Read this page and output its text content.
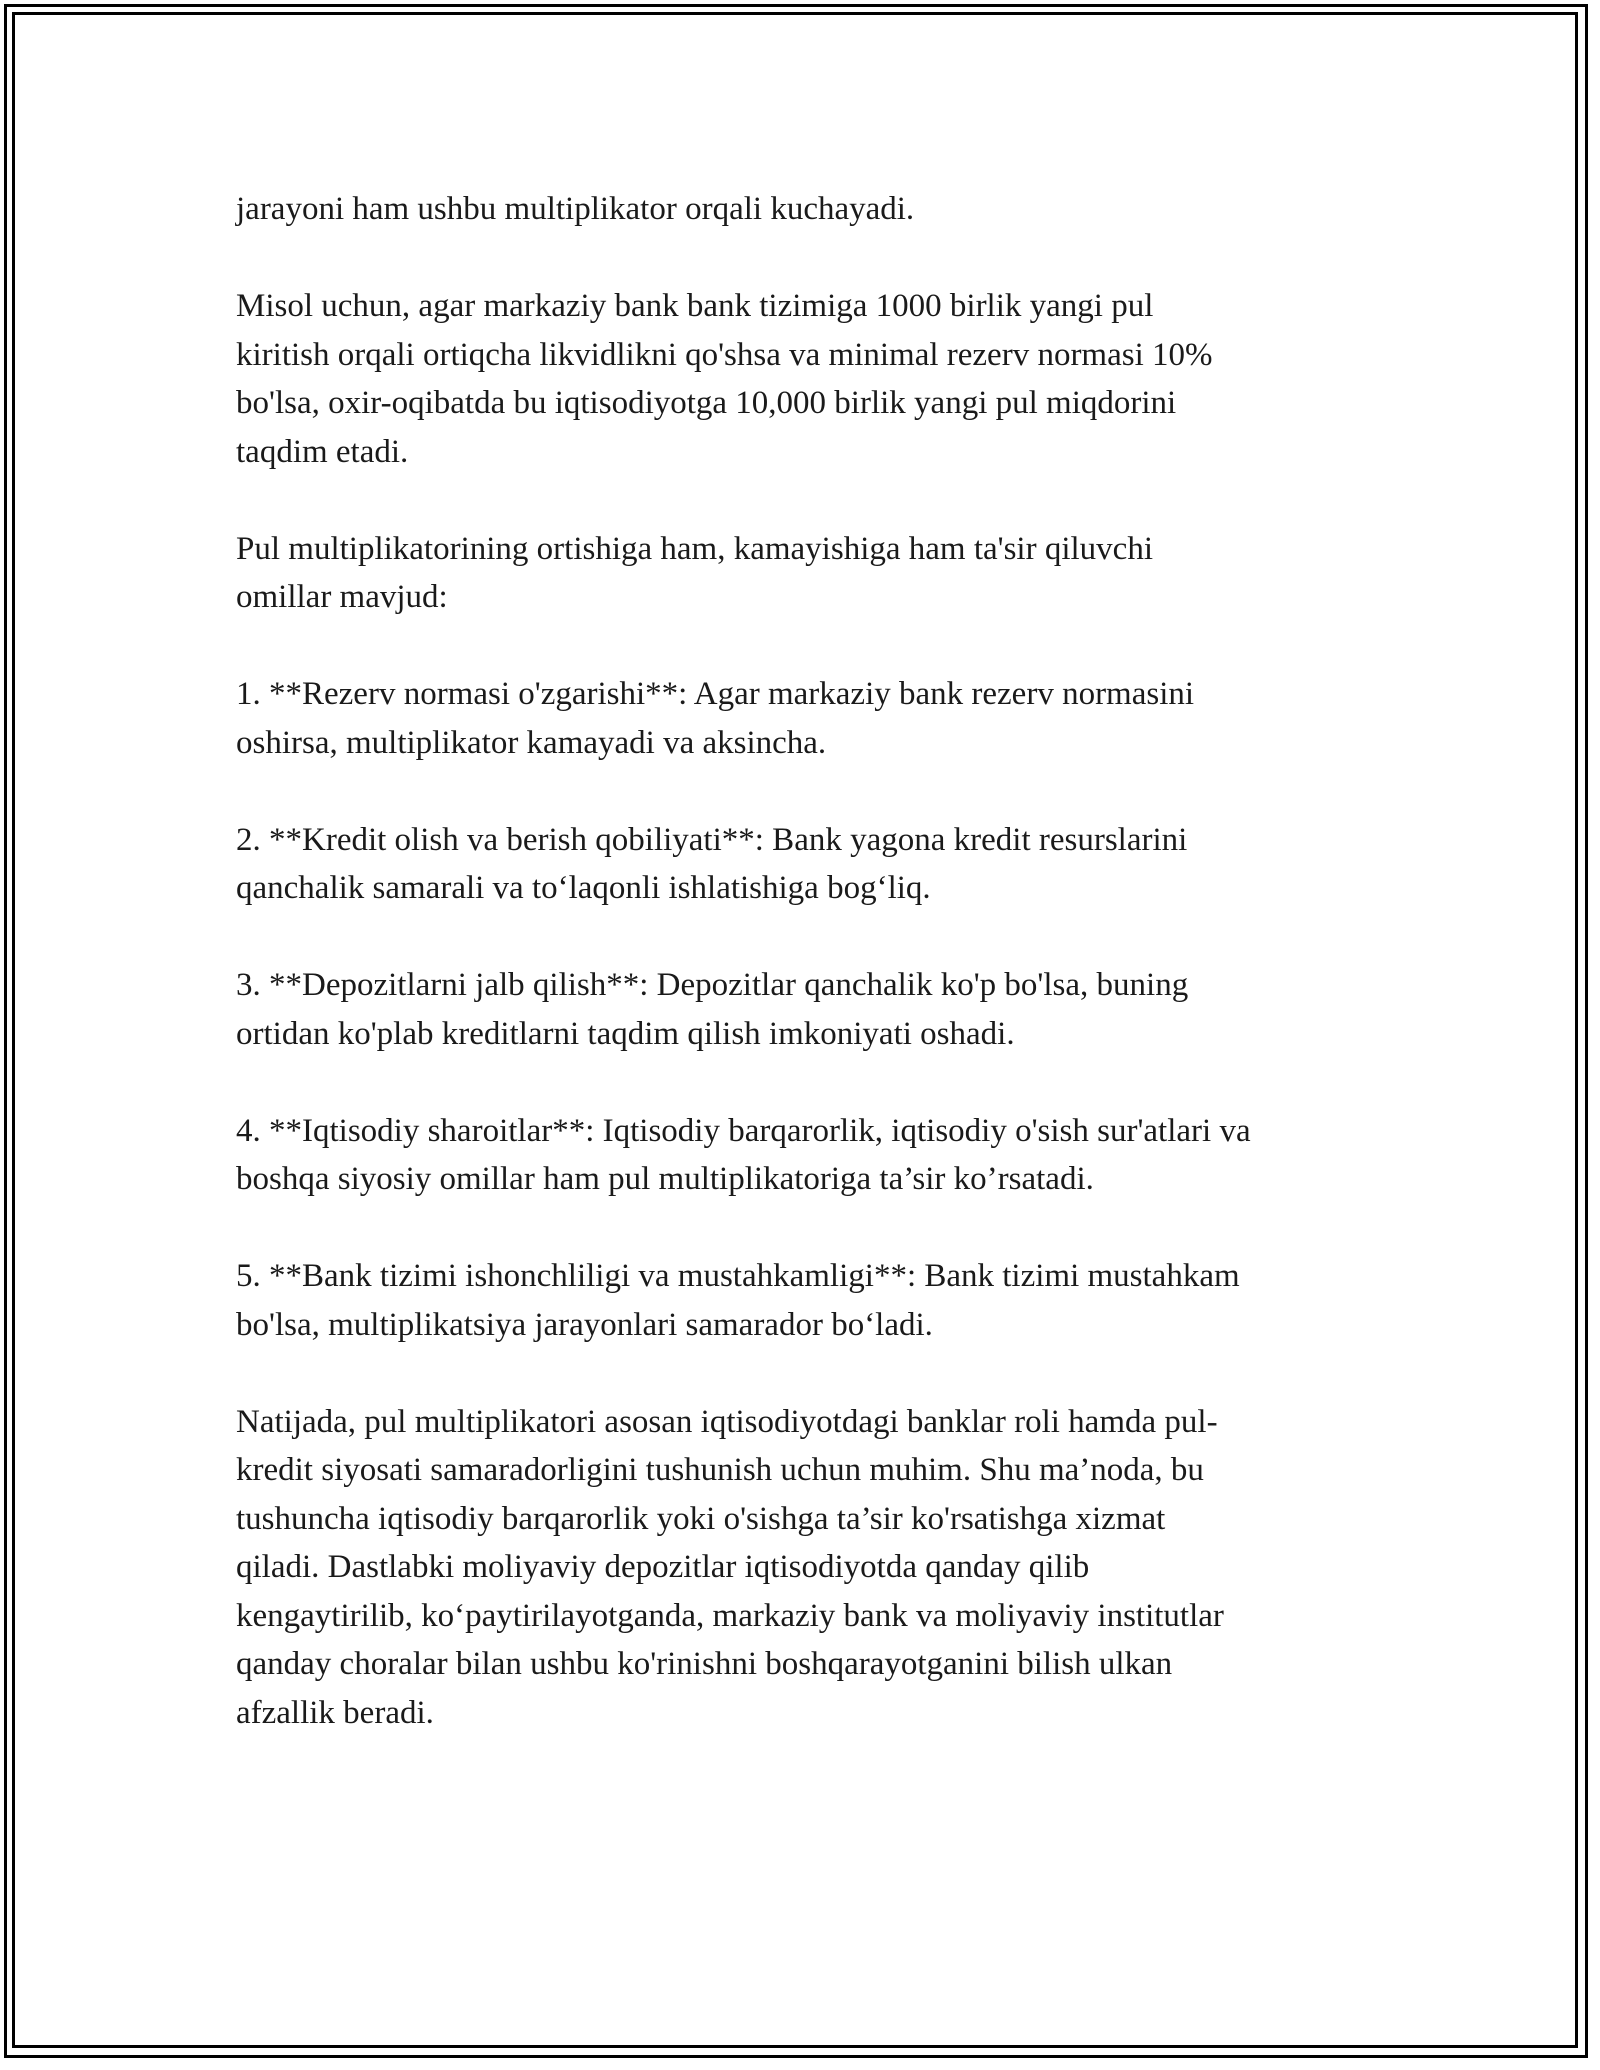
jarayoni ham ushbu multiplikator orqali kuchayadi.

Misol uchun, agar markaziy bank bank tizimiga 1000 birlik yangi pul
kiritish orqali ortiqcha likvidlikni qo'shsa va minimal rezerv normasi 10%
bo'lsa, oxir-oqibatda bu iqtisodiyotga 10,000 birlik yangi pul miqdorini
taqdim etadi.

Pul multiplikatorining ortishiga ham, kamayishiga ham ta'sir qiluvchi
omillar mavjud:

1. **Rezerv normasi o'zgarishi**: Agar markaziy bank rezerv normasini
oshirsa, multiplikator kamayadi va aksincha.

2. **Kredit olish va berish qobiliyati**: Bank yagona kredit resurslarini
qanchalik samarali va to‘laqonli ishlatishiga bog‘liq.

3. **Depozitlarni jalb qilish**: Depozitlar qanchalik ko'p bo'lsa, buning
ortidan ko'plab kreditlarni taqdim qilish imkoniyati oshadi.

4. **Iqtisodiy sharoitlar**: Iqtisodiy barqarorlik, iqtisodiy o'sish sur'atlari va
boshqa siyosiy omillar ham pul multiplikatoriga ta’sir ko’rsatadi.

5. **Bank tizimi ishonchliligi va mustahkamligi**: Bank tizimi mustahkam
bo'lsa, multiplikatsiya jarayonlari samarador bo‘ladi.

Natijada, pul multiplikatori asosan iqtisodiyotdagi banklar roli hamda pul-
kredit siyosati samaradorligini tushunish uchun muhim. Shu ma’noda, bu
tushuncha iqtisodiy barqarorlik yoki o'sishga ta’sir ko'rsatishga xizmat
qiladi. Dastlabki moliyaviy depozitlar iqtisodiyotda qanday qilib
kengaytirilib, ko‘paytirilayotganda, markaziy bank va moliyaviy institutlar
qanday choralar bilan ushbu ko'rinishni boshqarayotganini bilish ulkan
afzallik beradi.
